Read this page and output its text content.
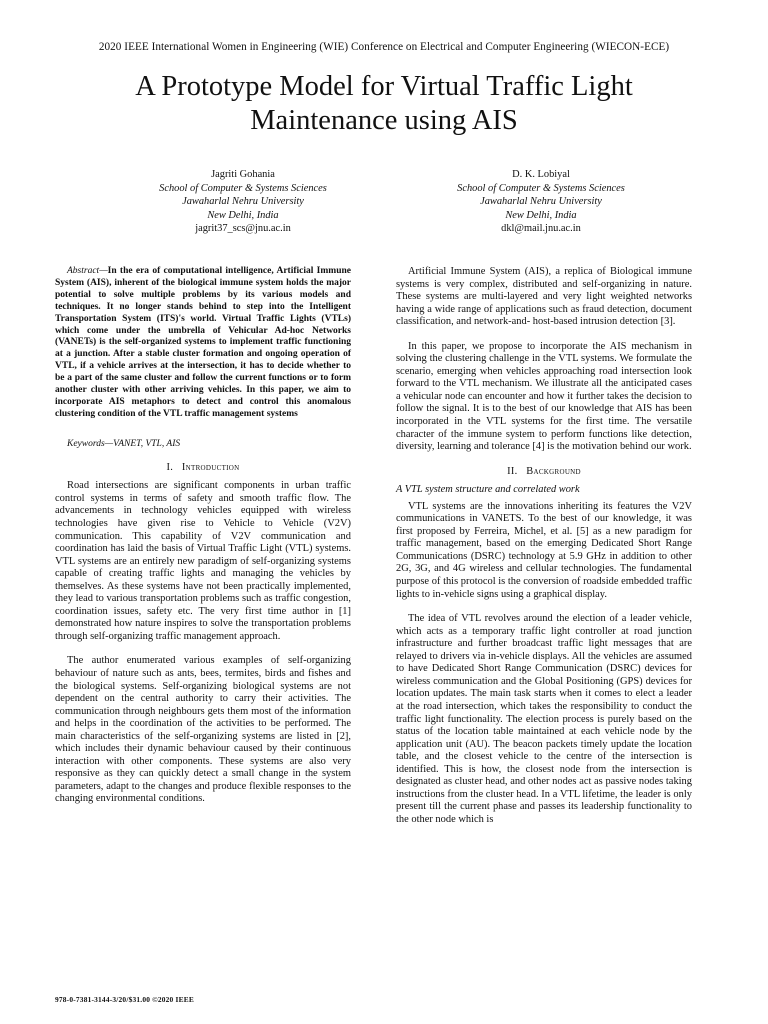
2020 IEEE International Women in Engineering (WIE) Conference on Electrical and Computer Engineering (WIECON-ECE)
A Prototype Model for Virtual Traffic Light
Maintenance using AIS
Jagriti Gohania
School of Computer & Systems Sciences
Jawaharlal Nehru University
New Delhi, India
jagrit37_scs@jnu.ac.in
D. K. Lobiyal
School of Computer & Systems Sciences
Jawaharlal Nehru University
New Delhi, India
dkl@mail.jnu.ac.in

Abstract—In the era of computational intelligence, Artificial Immune System (AIS), inherent of the biological immune system holds the major potential to solve multiple problems by its various models and techniques. It no longer stands behind to step into the Intelligent Transportation System (ITS)'s world. Virtual Traffic Lights (VTLs) which come under the umbrella of Vehicular Ad-hoc Networks (VANETs) is the self-organized systems to implement traffic functioning at a junction. After a stable cluster formation and ongoing operation of VTL, if a vehicle arrives at the intersection, it has to decide whether to be a part of the same cluster and follow the current functions or to form another cluster with other arriving vehicles. In this paper, we aim to incorporate AIS metaphors to detect and control this anomalous clustering condition of the VTL traffic management systems

Keywords—VANET, VTL, AIS

I. Introduction

Road intersections are significant components in urban traffic control systems in terms of safety and smooth traffic flow. The advancements in technology vehicles equipped with wireless technologies have given rise to Vehicle to Vehicle (V2V) communication. This capability of V2V communication and coordination has laid the basis of Virtual Traffic Light (VTL) systems. VTL systems are an entirely new paradigm of self-organizing systems capable of creating traffic lights and managing the vehicles by themselves. As these systems have not been practically implemented, they lead to various transportation problems such as traffic congestion, coordination issues, safety etc. The very first time author in [1] demonstrated how nature inspires to solve the transportation problems through self-organizing traffic management approach.

The author enumerated various examples of self-organizing behaviour of nature such as ants, bees, termites, birds and fishes and the biological systems. Self-organizing biological systems are not dependent on the central authority to carry their activities. The communication through neighbours gets them most of the information and helps in the coordination of the activities to be performed. The main characteristics of the self-organizing systems are listed in [2], which includes their dynamic behaviour caused by their continuous interaction with other components. These systems are also very responsive as they can quickly detect a small change in the system parameters, adapt to the changes and produce flexible responses to the changing environmental conditions.

Artificial Immune System (AIS), a replica of Biological immune systems is very complex, distributed and self-organizing in nature. These systems are multi-layered and very light weighted networks having a wide range of applications such as fraud detection, document classification, and network-and- host-based intrusion detection [3].

In this paper, we propose to incorporate the AIS mechanism in solving the clustering challenge in the VTL systems. We formulate the scenario, emerging when vehicles approaching road intersection look forward to the VTL mechanism. We illustrate all the anticipated cases a vehicular node can encounter and how it further takes the decision to follow the signal. It is to the best of our knowledge that AIS has been incorporated in the VTL systems for the first time. The versatile character of the immune system to perform functions like detection, diversity, learning and tolerance [4] is the motivation behind our work.

II. Background
A VTL system structure and correlated work

VTL systems are the innovations inheriting its features the V2V communications in VANETS. To the best of our knowledge, it was first proposed by Ferreira, Michel, et al. [5] as a new paradigm for traffic management, based on the emerging Dedicated Short Range Communications (DSRC) technology at 5.9 GHz in addition to other 2G, 3G, and 4G wireless and cellular technologies. The fundamental purpose of this protocol is the conversion of roadside embedded traffic lights to in-vehicle signs using a graphical display.

The idea of VTL revolves around the election of a leader vehicle, which acts as a temporary traffic light controller at road junction infrastructure and further broadcast traffic light messages that are relayed to drivers via in-vehicle displays. All the vehicles are assumed to have Dedicated Short Range Communication (DSRC) devices for wireless communication and the Global Positioning (GPS) devices for location updates. The main task starts when it comes to elect a leader at the road intersection, which takes the responsibility to conduct the traffic light functionality. The election process is purely based on the status of the location table maintained at each vehicle node by the application unit (AU). The beacon packets timely update the location table, and the closest vehicle to the centre of the intersection is identified. This is how, the closest node from the intersection is designated as cluster head, and other nodes act as passive nodes taking instructions from the cluster head. In a VTL lifetime, the leader is only present till the current phase and passes its leadership functionality to the other node which is

978-0-7381-3144-3/20/$31.00 ©2020 IEEE
